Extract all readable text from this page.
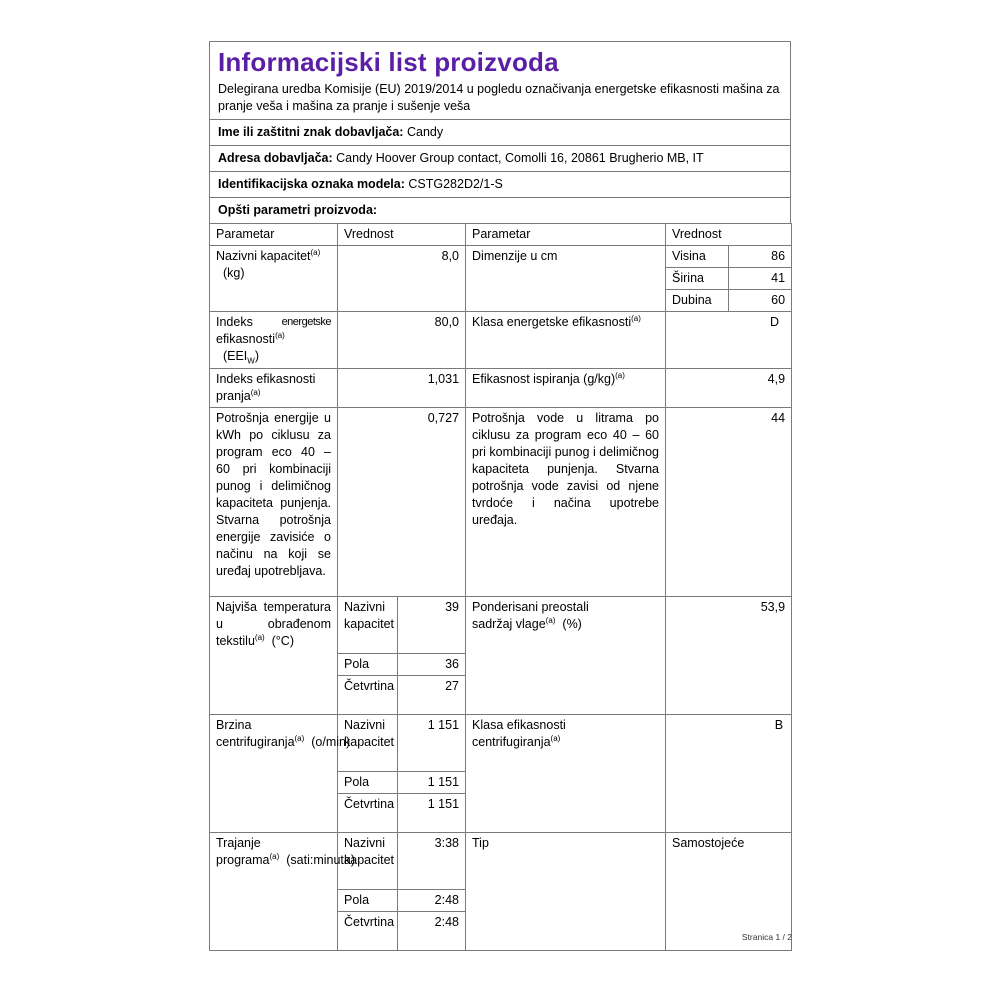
Informacijski list proizvoda
Delegirana uredba Komisije (EU) 2019/2014 u pogledu označivanja energetske efikasnosti mašina za pranje veša i mašina za pranje i sušenje veša
Ime ili zaštitni znak dobavljača: Candy
Adresa dobavljača: Candy Hoover Group contact, Comolli 16, 20861 Brugherio MB, IT
Identifikacijska oznaka modela: CSTG282D2/1-S
Opšti parametri proizvoda:
Parametar	Vrednost		Parametar	Vrednost	
Nazivni kapacitet$^{(a)}$
(kg)	8,0		Dimenzije u cm	Visina	86
				Širina	41
				Dubina	60

Indeks energetske
efikasnosti$^{(a)}$
$(EEI_W)$	80,0		Klasa energetske efikasnosti$^{(a)}$	D	
Indeks efikasnosti
pranja$^{(a)}$	1,031		Efikasnost ispiranja $(g/kg)^{(a)}$	4,9	
Potrošnja energije u kWh po ciklusu za program eco 40 – 60 pri kombinaciji punog i delimičnog kapaciteta punjenja. Stvarna potrošnja energije zavisiće o načinu na koji se uređaj upotrebljava.	0,727		Potrošnja vode u litrama po ciklusu za program eco 40 – 60 pri kombinaciji punog i delimičnog kapaciteta punjenja. Stvarna potrošnja vode zavisi od njene tvrdoće i načina upotrebe uređaja.	44	
Najviša temperatura u obrađenom tekstilu$^{(a)}$ (°C)	Nazivni kapacitet	39	Ponderisani preostali
sadržaj vlage$^{(a)}$ (%)	53,9	
	Pola	36			
	Četvrtina	27			
Brzina centrifugiranja$^{(a)}$ (o/min)	Nazivni kapacitet	1 151	Klasa efikasnosti
centrifugiranja$^{(a)}$	B	
	Pola	1 151			
	Četvrtina	1 151			
Trajanje programa$^{(a)}$ (sati:minuta)	Nazivni kapacitet	3:38	Tip	Samostojeće	
	Pola	2:48			
	Četvrtina	2:48			
Stranica 1 / 2
